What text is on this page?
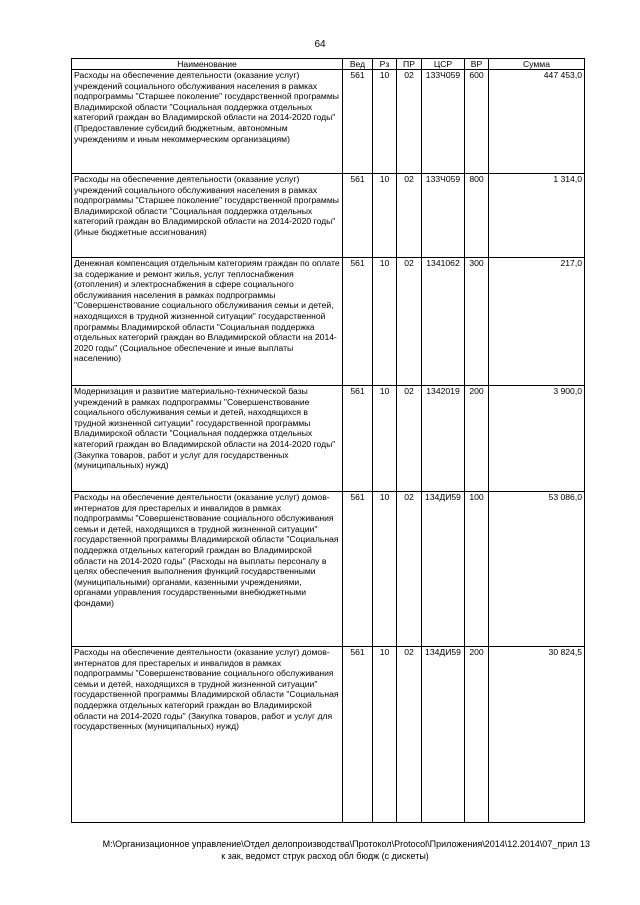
64
Наименование	Вед	Рз	ПР	ЦСР	ВР	Сумма
Расходы на обеспечение деятельности (оказание услуг) учреждений социального обслуживания населения в рамках подпрограммы "Старшее поколение" государственной программы Владимирской области "Социальная поддержка отдельных категорий граждан во Владимирской области на 2014-2020 годы" (Предоставление субсидий бюджетным, автономным учреждениям и иным некоммерческим организациям)	561	10	02	133Ч059	600	447 453,0
Расходы на обеспечение деятельности (оказание услуг) учреждений социального обслуживания населения в рамках подпрограммы "Старшее поколение" государственной программы Владимирской области "Социальная поддержка отдельных категорий граждан во Владимирской области на 2014-2020 годы" (Иные бюджетные ассигнования)	561	10	02	133Ч059	800	1 314,0
Денежная компенсация отдельным категориям граждан по оплате за содержание и ремонт жилья, услуг теплоснабжения (отопления) и электроснабжения в сфере социального обслуживания населения в рамках подпрограммы "Совершенствование социального обслуживания семьи и детей, находящихся в трудной жизненной ситуации" государственной программы Владимирской области "Социальная поддержка отдельных категорий граждан во Владимирской области на 2014-2020 годы" (Социальное обеспечение и иные выплаты населению)	561	10	02	1341062	300	217,0
Модернизация и развитие материально-технической базы учреждений в рамках подпрограммы "Совершенствование социального обслуживания семьи и детей, находящихся в трудной жизненной ситуации" государственной программы Владимирской области "Социальная поддержка отдельных категорий граждан во Владимирской области на 2014-2020 годы" (Закупка товаров, работ и услуг для государственных (муниципальных) нужд)	561	10	02	1342019	200	3 900,0
Расходы на обеспечение деятельности (оказание услуг) домов-интернатов для престарелых и инвалидов в рамках подпрограммы "Совершенствование социального обслуживания семьи и детей, находящихся в трудной жизненной ситуации" государственной программы Владимирской области "Социальная поддержка отдельных категорий граждан во Владимирской области на 2014-2020 годы" (Расходы на выплаты персоналу в целях обеспечения выполнения функций государственными (муниципальными) органами, казенными учреждениями, органами управления государственными внебюджетными фондами)	561	10	02	134ДИ59	100	53 086,0
Расходы на обеспечение деятельности (оказание услуг) домов-интернатов для престарелых и инвалидов в рамках подпрограммы "Совершенствование социального обслуживания семьи и детей, находящихся в трудной жизненной ситуации" государственной программы Владимирской области "Социальная поддержка отдельных категорий граждан во Владимирской области на 2014-2020 годы" (Закупка товаров, работ и услуг для государственных (муниципальных) нужд)	561	10	02	134ДИ59	200	30 824,5
M:\Организационное управление\Отдел делопроизводства\Протокол\Protocol\Приложения\2014\12.2014\07_прил 13
к зак, ведомст струк расход обл бюдж (с дискеты)
